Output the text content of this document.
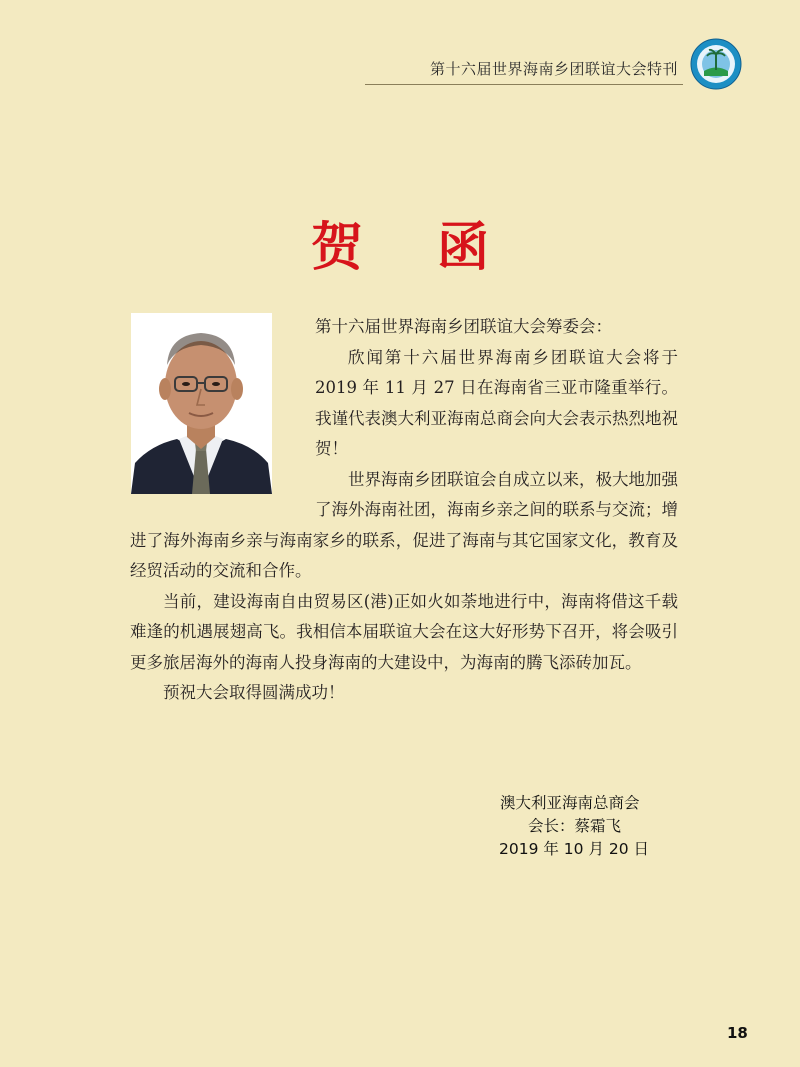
第十六届世界海南乡团联谊大会特刊
贺 函

第十六届世界海南乡团联谊大会筹委会：

欣闻第十六届世界海南乡团联谊大会将于 2019 年 11 月 27 日在海南省三亚市隆重举行。我谨代表澳大利亚海南总商会向大会表示热烈地祝贺！

世界海南乡团联谊会自成立以来，极大地加强了海外海南社团，海南乡亲之间的联系与交流；增进了海外海南乡亲与海南家乡的联系，促进了海南与其它国家文化，教育及经贸活动的交流和合作。

当前，建设海南自由贸易区(港)正如火如荼地进行中，海南将借这千载难逢的机遇展翅高飞。我相信本届联谊大会在这大好形势下召开，将会吸引更多旅居海外的海南人投身海南的大建设中，为海南的腾飞添砖加瓦。

预祝大会取得圆满成功！

澳大利亚海南总商会
会长：蔡霜飞
2019 年 10 月 20 日
18
